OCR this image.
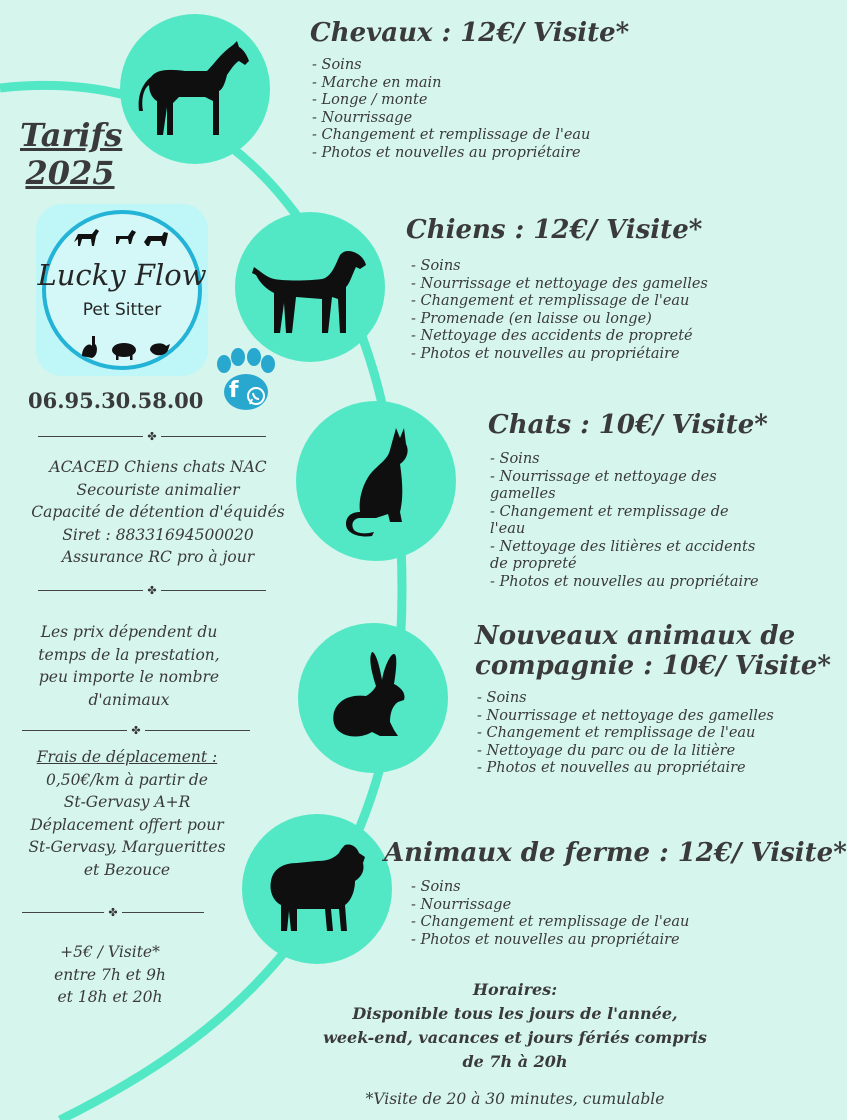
Tarifs
2025
Lucky Flow
Pet Sitter
f
06.95.30.58.00
✤
ACACED Chiens chats NAC
Secouriste animalier
Capacité de détention d'équidés
Siret : 88331694500020
Assurance RC pro à jour
✤
Les prix dépendent du
temps de la prestation,
peu importe le nombre
d'animaux
✤
Frais de déplacement :
0,50€/km à partir de
St-Gervasy A+R
Déplacement offert pour
St-Gervasy, Marguerittes
et Bezouce
✤
+5€ / Visite*
entre 7h et 9h
et 18h et 20h
Chevaux : 12€/ Visite*
- Soins
- Marche en main
- Longe / monte
- Nourrissage
- Changement et remplissage de l'eau
- Photos et nouvelles au propriétaire
Chiens : 12€/ Visite*
- Soins
- Nourrissage et nettoyage des gamelles
- Changement et remplissage de l'eau
- Promenade (en laisse ou longe)
- Nettoyage des accidents de propreté
- Photos et nouvelles au propriétaire
Chats : 10€/ Visite*
- Soins
- Nourrissage et nettoyage des gamelles
- Changement et remplissage de l'eau
- Nettoyage des litières et accidents de propreté
- Photos et nouvelles au propriétaire
Nouveaux animaux de
compagnie : 10€/ Visite*
- Soins
- Nourrissage et nettoyage des gamelles
- Changement et remplissage de l'eau
- Nettoyage du parc ou de la litière
- Photos et nouvelles au propriétaire
Animaux de ferme : 12€/ Visite*
- Soins
- Nourrissage
- Changement et remplissage de l'eau
- Photos et nouvelles au propriétaire
Horaires:
Disponible tous les jours de l'année,
week-end, vacances et jours fériés compris
de 7h à 20h
*Visite de 20 à 30 minutes, cumulable
